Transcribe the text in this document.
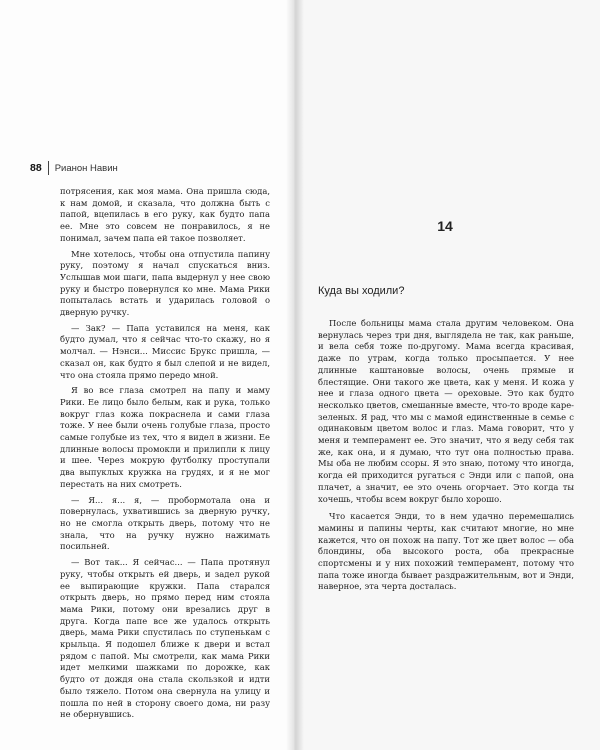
88 Рианон Навин

потрясения, как моя мама. Она пришла сюда, к нам домой, и сказала, что должна быть с папой, вцепилась в его руку, как будто папа ее. Мне это совсем не понравилось, я не понимал, зачем папа ей такое позволяет.

Мне хотелось, чтобы она отпустила папину руку, поэтому я начал спускаться вниз. Услышав мои шаги, папа выдернул у нее свою руку и быстро повернулся ко мне. Мама Рики попыталась встать и ударилась головой о дверную ручку.

— Зак? — Папа уставился на меня, как будто думал, что я сейчас что-то скажу, но я молчал. — Нэнси... Миссис Брукс пришла, — сказал он, как будто я был слепой и не видел, что она стояла прямо передо мной.

Я во все глаза смотрел на папу и маму Рики. Ее лицо было белым, как и рука, только вокруг глаз кожа покраснела и сами глаза тоже. У нее были очень голубые глаза, просто самые голубые из тех, что я видел в жизни. Ее длинные волосы промокли и прилипли к лицу и шее. Через мокрую футболку проступали два выпуклых кружка на грудях, и я не мог перестать на них смотреть.

— Я... я... я, — пробормотала она и повернулась, ухватившись за дверную ручку, но не смогла открыть дверь, потому что не знала, что на ручку нужно нажимать посильней.

— Вот так... Я сейчас... — Папа протянул руку, чтобы открыть ей дверь, и задел рукой ее выпирающие кружки. Папа старался открыть дверь, но прямо перед ним стояла мама Рики, потому они врезались друг в друга. Когда папе все же удалось открыть дверь, мама Рики спустилась по ступенькам с крыльца. Я подошел ближе к двери и встал рядом с папой. Мы смотрели, как мама Рики идет мелкими шажками по дорожке, как будто от дождя она стала скользкой и идти было тяжело. Потом она свернула на улицу и пошла по ней в сторону своего дома, ни разу не обернувшись.

14
Куда вы ходили?

После больницы мама стала другим человеком. Она вернулась через три дня, выглядела не так, как раньше, и вела себя тоже по-другому. Мама всегда красивая, даже по утрам, когда только просыпается. У нее длинные каштановые волосы, очень прямые и блестящие. Они такого же цвета, как у меня. И кожа у нее и глаза одного цвета — ореховые. Это как будто несколько цветов, смешанные вместе, что-то вроде каре-зеленых. Я рад, что мы с мамой единственные в семье с одинаковым цветом волос и глаз. Мама говорит, что у меня и темперамент ее. Это значит, что я веду себя так же, как она, и я думаю, что тут она полностью права. Мы оба не любим ссоры. Я это знаю, потому что иногда, когда ей приходится ругаться с Энди или с папой, она плачет, а значит, ее это очень огорчает. Это когда ты хочешь, чтобы всем вокруг было хорошо.

Что касается Энди, то в нем удачно перемешались мамины и папины черты, как считают многие, но мне кажется, что он похож на папу. Тот же цвет волос — оба блондины, оба высокого роста, оба прекрасные спортсмены и у них похожий темперамент, потому что папа тоже иногда бывает раздражительным, вот и Энди, наверное, эта черта досталась.
